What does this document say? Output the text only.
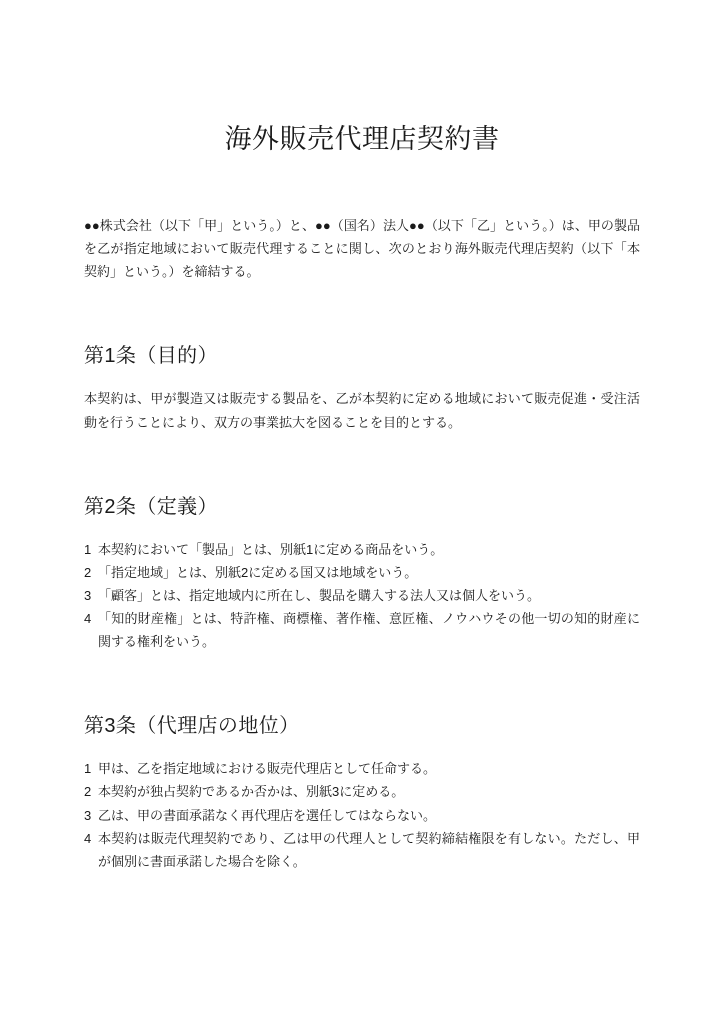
海外販売代理店契約書

●●株式会社（以下「甲」という。）と、●●（国名）法人●●（以下「乙」という。）は、甲の製品を乙が指定地域において販売代理することに関し、次のとおり海外販売代理店契約（以下「本契約」という。）を締結する。

第1条（目的）

本契約は、甲が製造又は販売する製品を、乙が本契約に定める地域において販売促進・受注活動を行うことにより、双方の事業拡大を図ることを目的とする。

第2条（定義）
1 本契約において「製品」とは、別紙1に定める商品をいう。
2 「指定地域」とは、別紙2に定める国又は地域をいう。
3 「顧客」とは、指定地域内に所在し、製品を購入する法人又は個人をいう。
4 「知的財産権」とは、特許権、商標権、著作権、意匠権、ノウハウその他一切の知的財産に関する権利をいう。
第3条（代理店の地位）
1 甲は、乙を指定地域における販売代理店として任命する。
2 本契約が独占契約であるか否かは、別紙3に定める。
3 乙は、甲の書面承諾なく再代理店を選任してはならない。
4 本契約は販売代理契約であり、乙は甲の代理人として契約締結権限を有しない。ただし、甲が個別に書面承諾した場合を除く。
